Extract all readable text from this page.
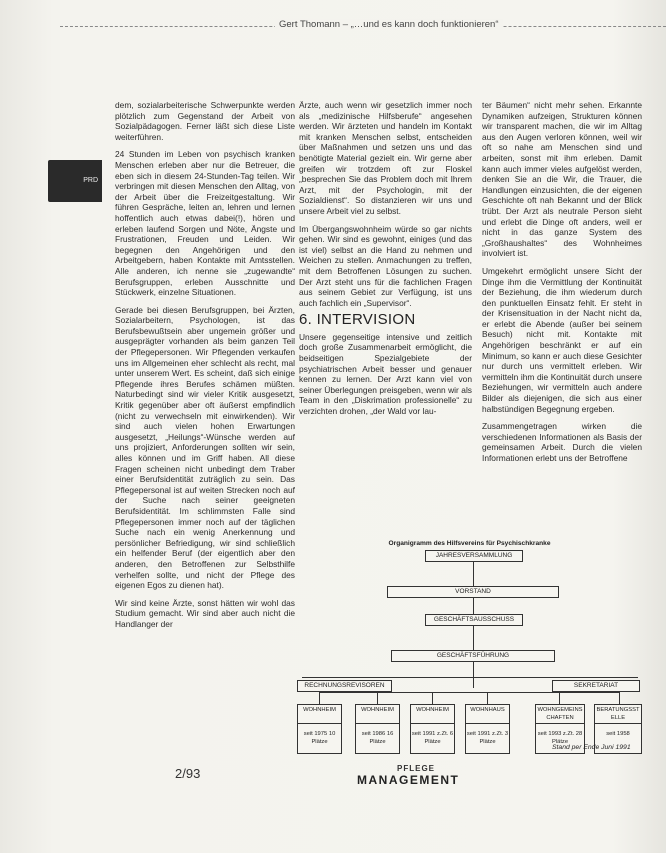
Gert Thomann – „…und es kann doch funktionieren“
PRD

dem, sozialarbeiterische Schwerpunkte werden plötzlich zum Gegenstand der Arbeit von Sozialpädagogen. Ferner läßt sich diese Liste weiterführen.

24 Stunden im Leben von psychisch kranken Menschen erleben aber nur die Betreuer, die eben sich in diesem 24-Stunden-Tag teilen. Wir verbringen mit diesen Menschen den Alltag, von der Arbeit über die Freizeitgestaltung. Wir führen Gespräche, leiten an, lehren und lernen hoffentlich auch etwas dabei(!), hören und erleben laufend Sorgen und Nöte, Ängste und Frustrationen, Freuden und Leiden. Wir begegnen den Angehörigen und den Arbeitgebern, haben Kontakte mit Amtsstellen. Alle anderen, ich nenne sie „zugewandte“ Berufsgruppen, erleben Ausschnitte und Stückwerk, einzelne Situationen.

Gerade bei diesen Berufsgruppen, bei Ärzten, Sozialarbeitern, Psychologen, ist das Berufsbewußtsein aber ungemein größer und ausgeprägter vorhanden als beim ganzen Teil der Pflegepersonen. Wir Pflegenden verkaufen uns im Allgemeinen eher schlecht als recht, mal unter unserem Wert. Es scheint, daß sich einige Pflegende ihres Berufes schämen müßten. Naturbedingt sind wir vieler Kritik ausgesetzt, Kritik gegenüber aber oft äußerst empfindlich (nicht zu verwechseln mit einwirkenden). Wir sind auch vielen hohen Erwartungen ausgesetzt, „Heilungs“-Wünsche werden auf uns projiziert, Anforderungen sollten wir sein, alles können und im Griff haben. All diese Fragen scheinen nicht unbedingt dem Traber einer Berufsidentität zuträglich zu sein. Das Pflegepersonal ist auf weiten Strecken noch auf der Suche nach seiner geeigneten Berufsidentität. Im schlimmsten Falle sind Pflegepersonen immer noch auf der täglichen Suche nach ein wenig Anerkennung und persönlicher Befriedigung, wir sind schließlich ein helfender Beruf (der eigentlich aber den anderen, den Betroffenen zur Selbsthilfe verhelfen sollte, und nicht der Pflege des eigenen Egos zu dienen hat).

Wir sind keine Ärzte, sonst hätten wir wohl das Studium gemacht. Wir sind aber auch nicht die Handlanger der

Ärzte, auch wenn wir gesetzlich immer noch als „medizinische Hilfsberufe“ angesehen werden. Wir ärzteten und handeln im Kontakt mit kranken Menschen selbst, entscheiden über Maßnahmen und setzen uns und das benötigte Material gezielt ein. Wir gerne aber greifen wir trotzdem oft zur Floskel „besprechen Sie das Problem doch mit Ihrem Arzt, mit der Psychologin, mit der Sozialdienst“. So distanzieren wir uns und unsere Arbeit viel zu selbst.

Im Übergangswohnheim würde so gar nichts gehen. Wir sind es gewohnt, einiges (und das ist viel) selbst an die Hand zu nehmen und Weichen zu stellen. Anmachungen zu treffen, mit dem Betroffenen Lösungen zu suchen. Der Arzt steht uns für die fachlichen Fragen aus seinem Gebiet zur Verfügung, ist uns auch fachlich ein „Supervisor“.

6. INTERVISION

Unsere gegenseitige intensive und zeitlich doch große Zusammenarbeit ermöglicht, die beidseitigen Spezialgebiete der psychiatrischen Arbeit besser und genauer kennen zu lernen. Der Arzt kann viel von seiner Überlegungen preisgeben, wenn wir als Team in den „Diskrimation professionelle“ zu verzichten drohen, „der Wald vor lau-

ter Bäumen“ nicht mehr sehen. Erkannte Dynamiken aufzeigen, Strukturen können wir transparent machen, die wir im Alltag aus den Augen verloren können, weil wir oft so nahe am Menschen sind und arbeiten, sonst mit ihm erleben. Damit kann auch immer vieles aufgelöst werden, denken Sie an die Wir, die Trauer, die Handlungen einzusichten, die der eigenen Geschichte oft nah Bekannt und der Blick trübt. Der Arzt als neutrale Person sieht und erlebt die Dinge oft anders, weil er nicht in das ganze System des „Großhaushaltes“ des Wohnheimes involviert ist.

Umgekehrt ermöglicht unsere Sicht der Dinge ihm die Vermittlung der Kontinuität der Beziehung, die ihm wiederum durch den punktuellen Einsatz fehlt. Er steht in der Krisensituation in der Nacht nicht da, er erlebt die Abende (außer bei seinem Besuch) nicht mit. Kontakte mit Angehörigen beschränkt er auf ein Minimum, so kann er auch diese Gesichter nur durch uns vermittelt erleben. Wir vermitteln ihm die Kontinuität durch unsere Beziehungen, wir vermitteln auch andere Bilder als diejenigen, die sich aus einer halbstündigen Begegnung ergeben.

Zusammengetragen wirken die verschiedenen Informationen als Basis der gemeinsamen Arbeit. Durch die vielen Informationen erlebt uns der Betroffene

Organigramm des Hilfsvereins für Psychischkranke
JAHRESVERSAMMLUNG
VORSTAND
GESCHÄFTSAUSSCHUSS
GESCHÄFTSFÜHRUNG
RECHNUNGSREVISOREN	SEKRETARIAT
WOHNHEIM
seit 1975 10 Plätze
WOHNHEIM
seit 1986 16 Plätze
WOHNHEIM
seit 1991 z.Zt. 6 Plätze
WOHNHAUS
seit 1991 z.Zt. 3 Plätze
WOHNGEMEINSCHAFTEN
seit 1993 z.Zt. 28 Plätze
BERATUNGSSTELLE
seit 1958
Stand per Ende Juni 1991
2/93	PFLEGE
MANAGEMENT
